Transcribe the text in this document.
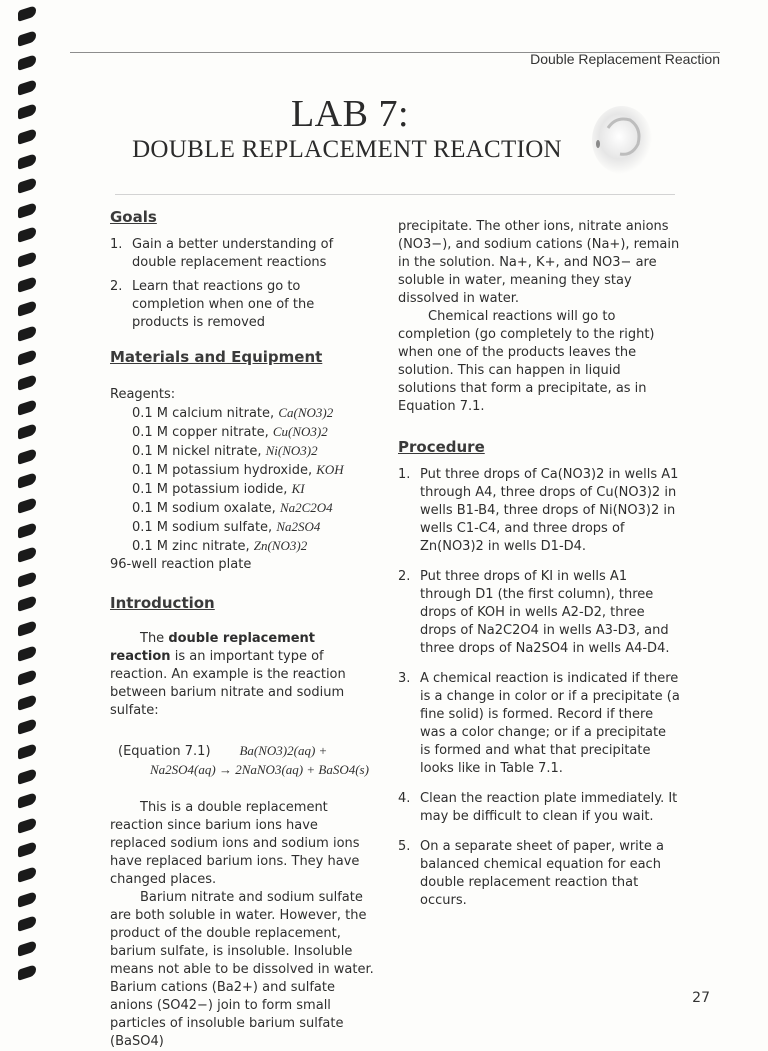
Double Replacement Reaction
LAB 7:
DOUBLE REPLACEMENT REACTION
Goals
1. Gain a better understanding of double replacement reactions
2. Learn that reactions go to completion when one of the products is removed
Materials and Equipment

Reagents:

0.1 M calcium nitrate, Ca(NO3)2
0.1 M copper nitrate, Cu(NO3)2
0.1 M nickel nitrate, Ni(NO3)2
0.1 M potassium hydroxide, KOH
0.1 M potassium iodide, KI
0.1 M sodium oxalate, Na2C2O4
0.1 M sodium sulfate, Na2SO4
0.1 M zinc nitrate, Zn(NO3)2

96-well reaction plate

Introduction

The double replacement reaction is an important type of reaction. An example is the reaction between barium nitrate and sodium sulfate:

(Equation 7.1) Ba(NO3)2(aq) +
Na2SO4(aq) → 2NaNO3(aq) + BaSO4(s)

This is a double replacement reaction since barium ions have replaced sodium ions and sodium ions have replaced barium ions. They have changed places.

Barium nitrate and sodium sulfate are both soluble in water. However, the product of the double replacement, barium sulfate, is insoluble. Insoluble means not able to be dissolved in water. Barium cations (Ba2+) and sulfate anions (SO42−) join to form small particles of insoluble barium sulfate (BaSO4)

precipitate. The other ions, nitrate anions (NO3−), and sodium cations (Na+), remain in the solution. Na+, K+, and NO3− are soluble in water, meaning they stay dissolved in water.

Chemical reactions will go to completion (go completely to the right) when one of the products leaves the solution. This can happen in liquid solutions that form a precipitate, as in Equation 7.1.

Procedure
1. Put three drops of Ca(NO3)2 in wells A1 through A4, three drops of Cu(NO3)2 in wells B1-B4, three drops of Ni(NO3)2 in wells C1-C4, and three drops of Zn(NO3)2 in wells D1-D4.
2. Put three drops of KI in wells A1 through D1 (the first column), three drops of KOH in wells A2-D2, three drops of Na2C2O4 in wells A3-D3, and three drops of Na2SO4 in wells A4-D4.
3. A chemical reaction is indicated if there is a change in color or if a precipitate (a fine solid) is formed. Record if there was a color change; or if a precipitate is formed and what that precipitate looks like in Table 7.1.
4. Clean the reaction plate immediately. It may be difficult to clean if you wait.
5. On a separate sheet of paper, write a balanced chemical equation for each double replacement reaction that occurs.
27
